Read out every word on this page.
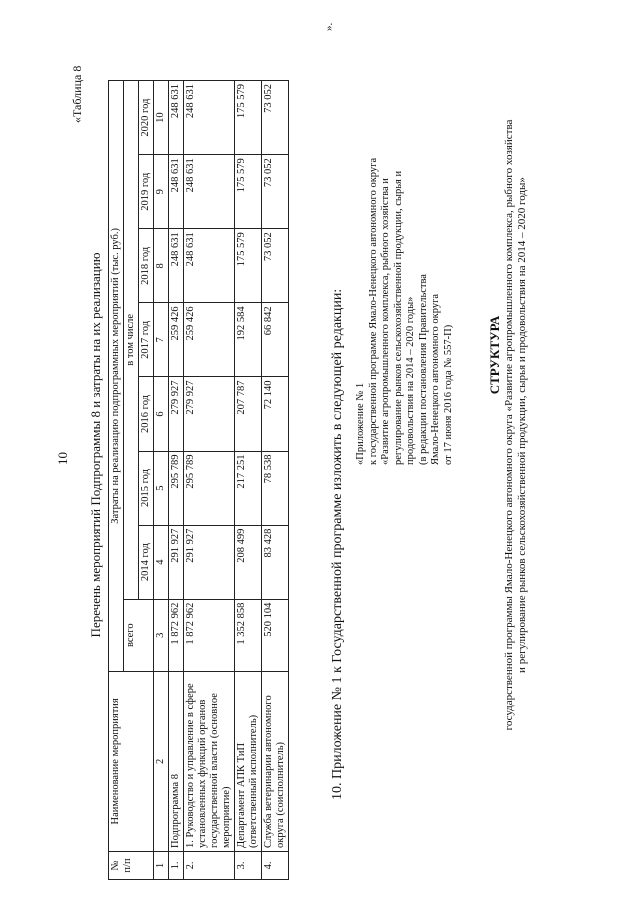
10
«Таблица 8
Перечень мероприятий Подпрограммы 8 и затраты на их реализацию
№ п/п	Наименование мероприятия	Затраты на реализацию подпрограммных мероприятий (тыс. руб.)							
		всего	в том числе						
			2014 год	2015 год	2016 год	2017 год	2018 год	2019 год	2020 год
1	2	3	4	5	6	7	8	9	10
1.	Подпрограмма 8	1 872 962	291 927	295 789	279 927	259 426	248 631	248 631	248 631
2.	1. Руководство и управление в сфере установленных функций органов государственной власти (основное мероприятие)	1 872 962	291 927	295 789	279 927	259 426	248 631	248 631	248 631
3.	Департамент АПК ТиП (ответственный исполнитель)	1 352 858	208 499	217 251	207 787	192 584	175 579	175 579	175 579
4.	Служба ветеринарии автономного округа (соисполнитель)	520 104	83 428	78 538	72 140	66 842	73 052	73 052	73 052
».
10. Приложение № 1 к Государственной программе изложить в следующей редакции: «Приложение № 1 к государственной программе Ямало-Ненецкого автономного округа «Развитие агропромышленного комплекса, рыбного хозяйства и регулирование рынков сельскохозяйственной продукции, сырья и продовольствия на 2014 – 2020 годы» (в редакции постановления Правительства Ямало-Ненецкого автономного округа от 17 июня 2016 года № 557-П)	СТРУКТУРА государственной программы Ямало-Ненецкого автономного округа «Развитие агропромышленного комплекса, рыбного хозяйства и регулирование рынков сельскохозяйственной продукции, сырья и продовольствия на 2014 – 2020 годы»
